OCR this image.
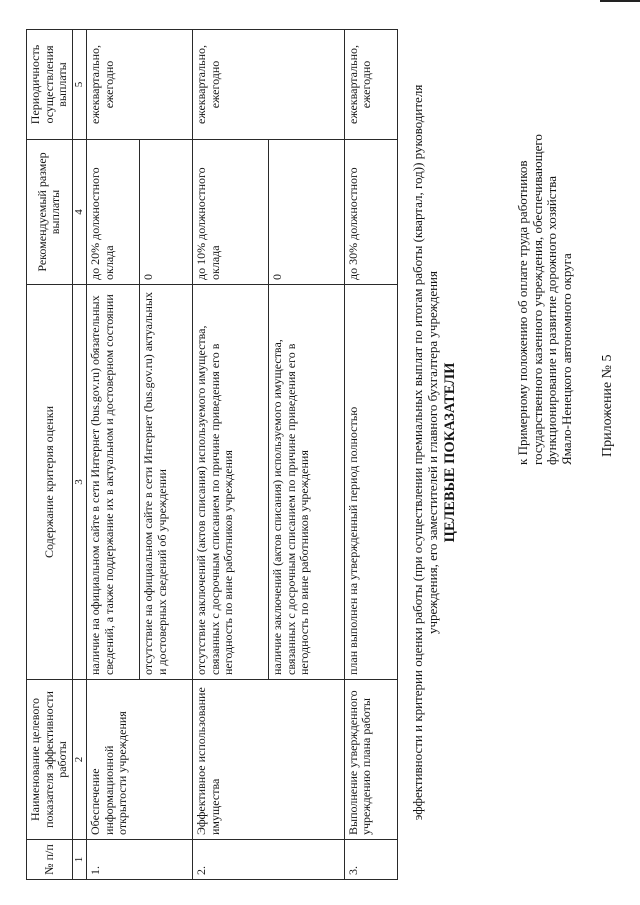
Приложение № 5
к Примерному положению об оплате труда работников государственного казенного учреждения, обеспечивающего функционирование и развитие дорожного хозяйства Ямало-Ненецкого автономного округа
ЦЕЛЕВЫЕ ПОКАЗАТЕЛИ
эффективности и критерии оценки работы (при осуществлении премиальных выплат по итогам работы (квартал, год)) руководителя учреждения, его заместителей и главного бухгалтера учреждения
№ п/п	Наименование целевого показателя эффективности работы	Содержание критерия оценки	Рекомендуемый размер выплаты	Периодичность осуществления выплаты
1	2	3	4	5
1.	Обеспечение информационной открытости учреждения	наличие на официальном сайте в сети Интернет (bus.gov.ru) обязательных сведений, а также поддержание их в актуальном и достоверном состоянии	до 20% должностного оклада	ежеквартально, ежегодно
		отсутствие на официальном сайте в сети Интернет (bus.gov.ru) актуальных и достоверных сведений об учреждении	0	
2.	Эффективное использование имущества	отсутствие заключений (актов списания) используемого имущества, связанных с досрочным списанием по причине приведения его в негодность по вине работников учреждения	до 10% должностного оклада	ежеквартально, ежегодно
		наличие заключений (актов списания) используемого имущества, связанных с досрочным списанием по причине приведения его в негодность по вине работников учреждения	0	
3.	Выполнение утвержденного учреждению плана работы	план выполнен на утвержденный период полностью	до 30% должностного	ежеквартально, ежегодно
